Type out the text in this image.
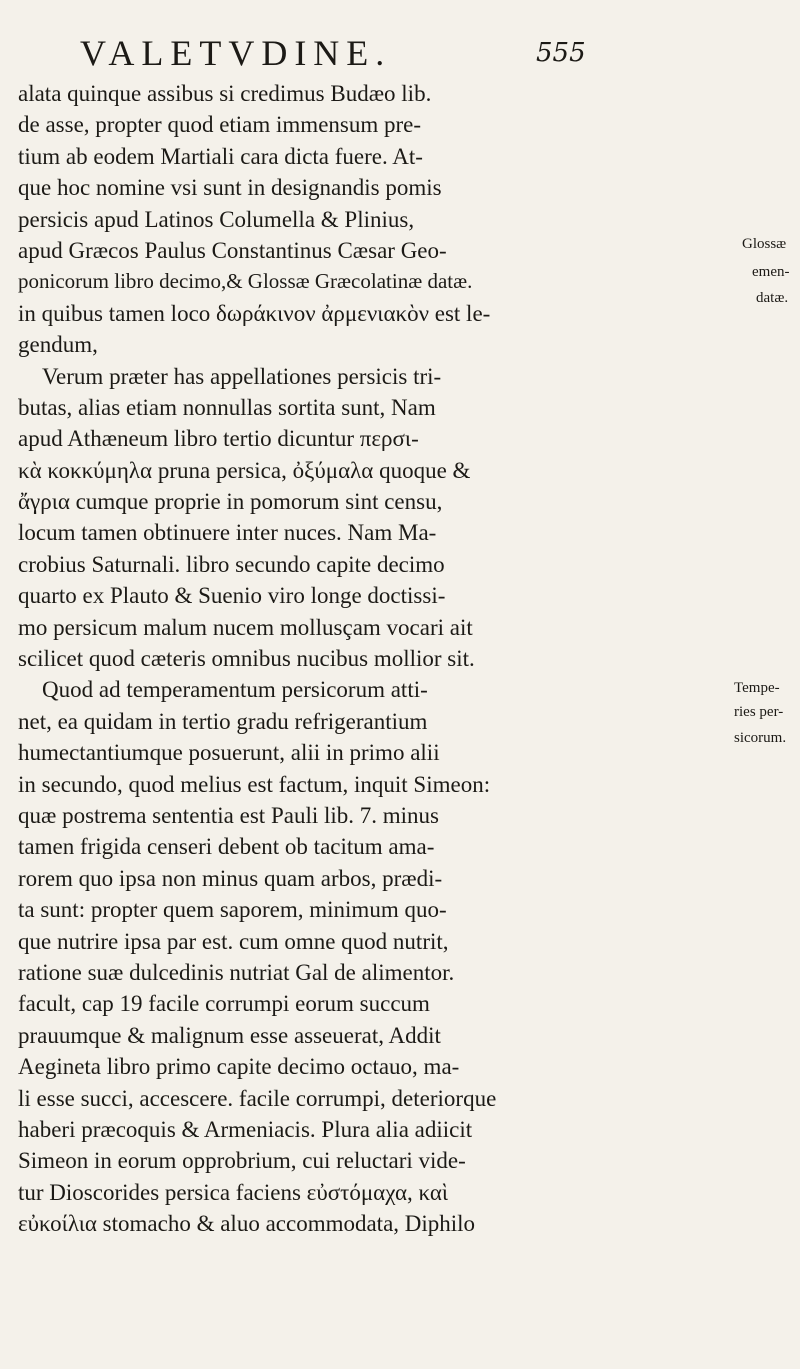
VALETVDINE.	555
alata quinque assibus si credimus Budæo lib.
de asse, propter quod etiam immensum pre-
tium ab eodem Martiali cara dicta fuere. At-
que hoc nomine vsi sunt in designandis pomis
persicis apud Latinos Columella & Plinius,
apud Græcos Paulus Constantinus Cæsar Geo-
ponicorum libro decimo,& Glossæ Græcolatinæ datæ.
in quibus tamen loco δωράκινον ἀρμενιακὸν est le-
gendum,
Verum præter has appellationes persicis tri-
butas, alias etiam nonnullas sortita sunt, Nam
apud Athæneum libro tertio dicuntur περσι-
κὰ κοκκύμηλα pruna persica, ὀξύμαλα quoque &
ἄγρια cumque proprie in pomorum sint censu,
locum tamen obtinuere inter nuces. Nam Ma-
crobius Saturnali. libro secundo capite decimo
quarto ex Plauto & Suenio viro longe doctissi-
mo persicum malum nucem mollusçam vocari ait
scilicet quod cæteris omnibus nucibus mollior sit.
Quod ad temperamentum persicorum atti-
net, ea quidam in tertio gradu refrigerantium
humectantiumque posuerunt, alii in primo alii
in secundo, quod melius est factum, inquit Simeon:
quæ postrema sententia est Pauli lib. 7. minus
tamen frigida censeri debent ob tacitum ama-
rorem quo ipsa non minus quam arbos, prædi-
ta sunt: propter quem saporem, minimum quo-
que nutrire ipsa par est. cum omne quod nutrit,
ratione suæ dulcedinis nutriat Gal de alimentor.
facult, cap 19 facile corrumpi eorum succum
prauumque & malignum esse asseuerat, Addit
Aegineta libro primo capite decimo octauo, ma-
li esse succi, accescere. facile corrumpi, deteriorque
haberi præcoquis & Armeniacis. Plura alia adiicit
Simeon in eorum opprobrium, cui reluctari vide-
tur Dioscorides persica faciens εὐστόμαχα, καὶ
εὐκοίλια stomacho & aluo accommodata, Diphilo
Glossæ
emen-
datæ.
Tempe-
ries per-
sicorum.
